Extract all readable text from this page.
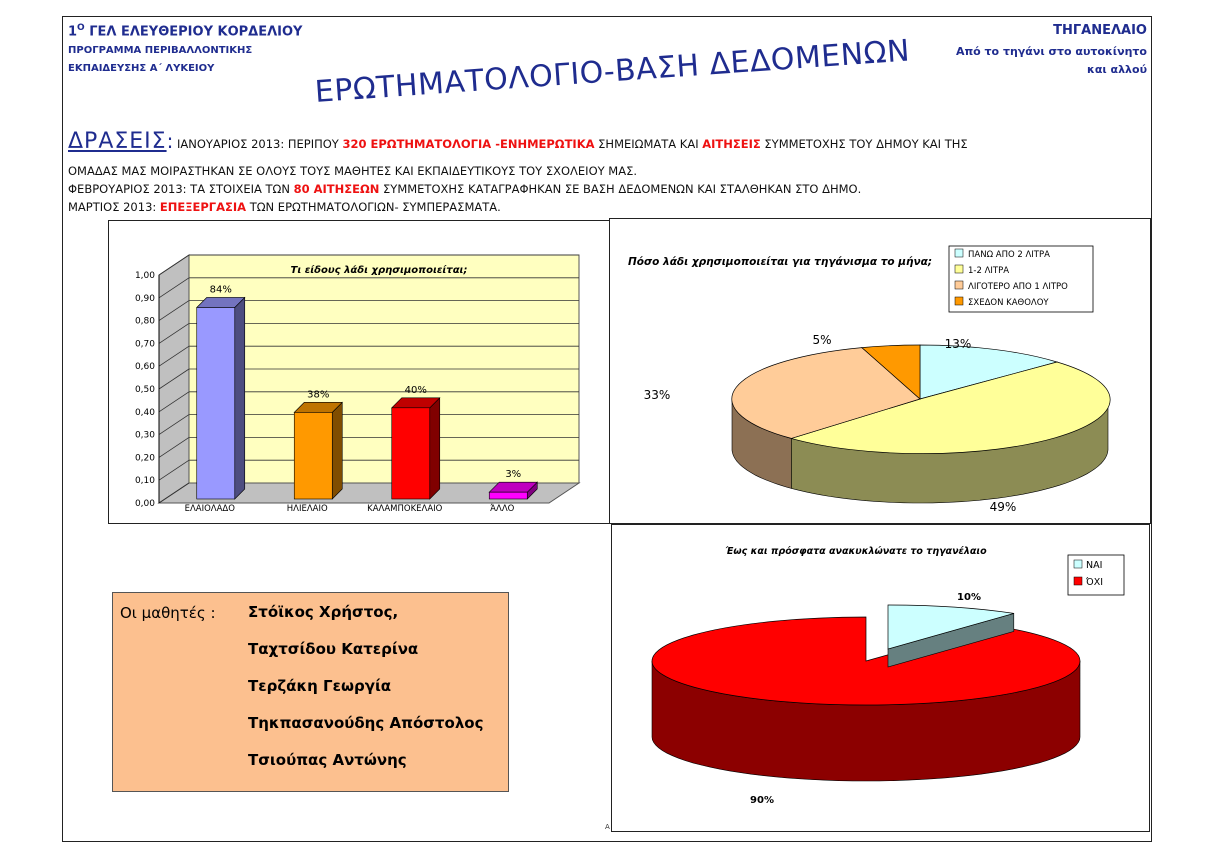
$1^O$ ΓΕΛ ΕΛΕΥΘΕΡΙΟΥ ΚΟΡΔΕΛΙΟΥ
ΠΡΟΓΡΑΜΜΑ ΠΕΡΙΒΑΛΛΟΝΤΙΚΗΣ
ΕΚΠΑΙΔΕΥΣΗΣ Α΄ ΛΥΚΕΙΟΥ
ΤΗΓΑΝΕΛΑΙΟ
Από το τηγάνι στο αυτοκίνητο
και αλλού
ΕΡΩΤΗΜΑΤΟΛΟΓΙΟ-ΒΑΣΗ ΔΕΔΟΜΕΝΩΝ
ΔΡΑΣΕΙΣ: ΙΑΝΟΥΑΡΙΟΣ 2013: ΠΕΡΙΠΟΥ 320 ΕΡΩΤΗΜΑΤΟΛΟΓΙΑ -ΕΝΗΜΕΡΩΤΙΚΑ ΣΗΜΕΙΩΜΑΤΑ ΚΑΙ ΑΙΤΗΣΕΙΣ ΣΥΜΜΕΤΟΧΗΣ ΤΟΥ ΔΗΜΟΥ ΚΑΙ ΤΗΣ
ΟΜΑΔΑΣ ΜΑΣ ΜΟΙΡΑΣΤΗΚΑΝ ΣΕ ΟΛΟΥΣ ΤΟΥΣ ΜΑΘΗΤΕΣ ΚΑΙ ΕΚΠΑΙΔΕΥΤΙΚΟΥΣ ΤΟΥ ΣΧΟΛΕΙΟΥ ΜΑΣ.
ΦΕΒΡΟΥΑΡΙΟΣ 2013: ΤΑ ΣΤΟΙΧΕΙΑ ΤΩΝ 80 ΑΙΤΗΣΕΩΝ ΣΥΜΜΕΤΟΧΗΣ ΚΑΤΑΓΡΑΦΗΚΑΝ ΣΕ ΒΑΣΗ ΔΕΔΟΜΕΝΩΝ ΚΑΙ ΣΤΑΛΘΗΚΑΝ ΣΤΟ ΔΗΜΟ.
ΜΑΡΤΙΟΣ 2013: ΕΠΕΞΕΡΓΑΣΙΑ ΤΩΝ ΕΡΩΤΗΜΑΤΟΛΟΓΙΩΝ- ΣΥΜΠΕΡΑΣΜΑΤΑ.
0,00
0,10
0,20
0,30
0,40
0,50
0,60
0,70
0,80
0,90
1,00	Τι είδους λάδι χρησιμοποιείται;
84%
ΕΛΑΙΟΛΑΔΟ
38%
ΗΛΙΕΛΑΙΟ
40%
ΚΑΛΑΜΠΟΚΕΛΑΙΟ
3%
ΆΛΛΟ
Πόσο λάδι χρησιμοποιείται για τηγάνισμα το μήνα;
ΠΑΝΩ ΑΠΟ 2 ΛΙΤΡΑ
1-2 ΛΙΤΡΑ
ΛΙΓΟΤΕΡΟ ΑΠΟ 1 ΛΙΤΡΟ
ΣΧΕΔΟΝ ΚΑΘΟΛΟΥ
13%
49%
33%
5%
Έως και πρόσφατα ανακυκλώνατε το τηγανέλαιο
ΝΑΙ
ΌΧΙ
10%
90%
Οι μαθητές : Στόϊκος Χρήστος,
Ταχτσίδου Κατερίνα
Τερζάκη Γεωργία
Τηκπασανούδης Απόστολος
Τσιούπας Αντώνης
Α
